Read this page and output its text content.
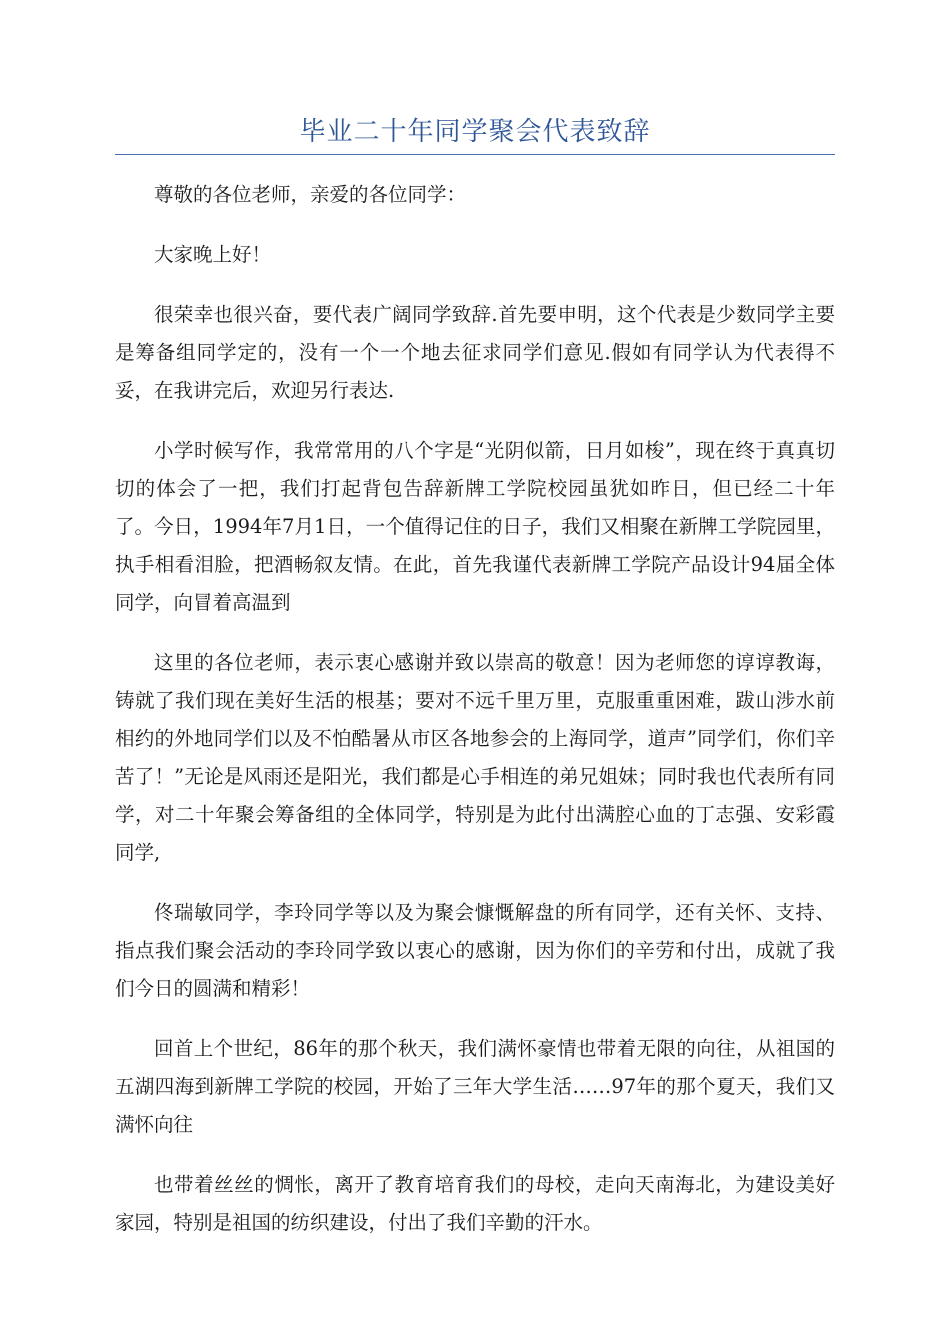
毕业二十年同学聚会代表致辞

尊敬的各位老师，亲爱的各位同学：

大家晚上好！

很荣幸也很兴奋，要代表广阔同学致辞.首先要申明，这个代表是少数同学主要是筹备组同学定的，没有一个一个地去征求同学们意见.假如有同学认为代表得不妥，在我讲完后，欢迎另行表达.

小学时候写作，我常常用的八个字是“光阴似箭，日月如梭”，现在终于真真切切的体会了一把，我们打起背包告辞新牌工学院校园虽犹如昨日，但已经二十年了。今日，1994年7月1日，一个值得记住的日子，我们又相聚在新牌工学院园里，执手相看泪脸，把酒畅叙友情。在此，首先我谨代表新牌工学院产品设计94届全体同学，向冒着高温到

这里的各位老师，表示衷心感谢并致以崇高的敬意！因为老师您的谆谆教诲，铸就了我们现在美好生活的根基；要对不远千里万里，克服重重困难，跋山涉水前相约的外地同学们以及不怕酷暑从市区各地参会的上海同学，道声”同学们，你们辛苦了！”无论是风雨还是阳光，我们都是心手相连的弟兄姐妹；同时我也代表所有同学，对二十年聚会筹备组的全体同学，特别是为此付出满腔心血的丁志强、安彩霞同学,

佟瑞敏同学，李玲同学等以及为聚会慷慨解盘的所有同学，还有关怀、支持、指点我们聚会活动的李玲同学致以衷心的感谢，因为你们的辛劳和付出，成就了我们今日的圆满和精彩！

回首上个世纪，86年的那个秋天，我们满怀豪情也带着无限的向往，从祖国的五湖四海到新牌工学院的校园，开始了三年大学生活……97年的那个夏天，我们又满怀向往

也带着丝丝的惆怅，离开了教育培育我们的母校，走向天南海北，为建设美好家园，特别是祖国的纺织建设，付出了我们辛勤的汗水。
